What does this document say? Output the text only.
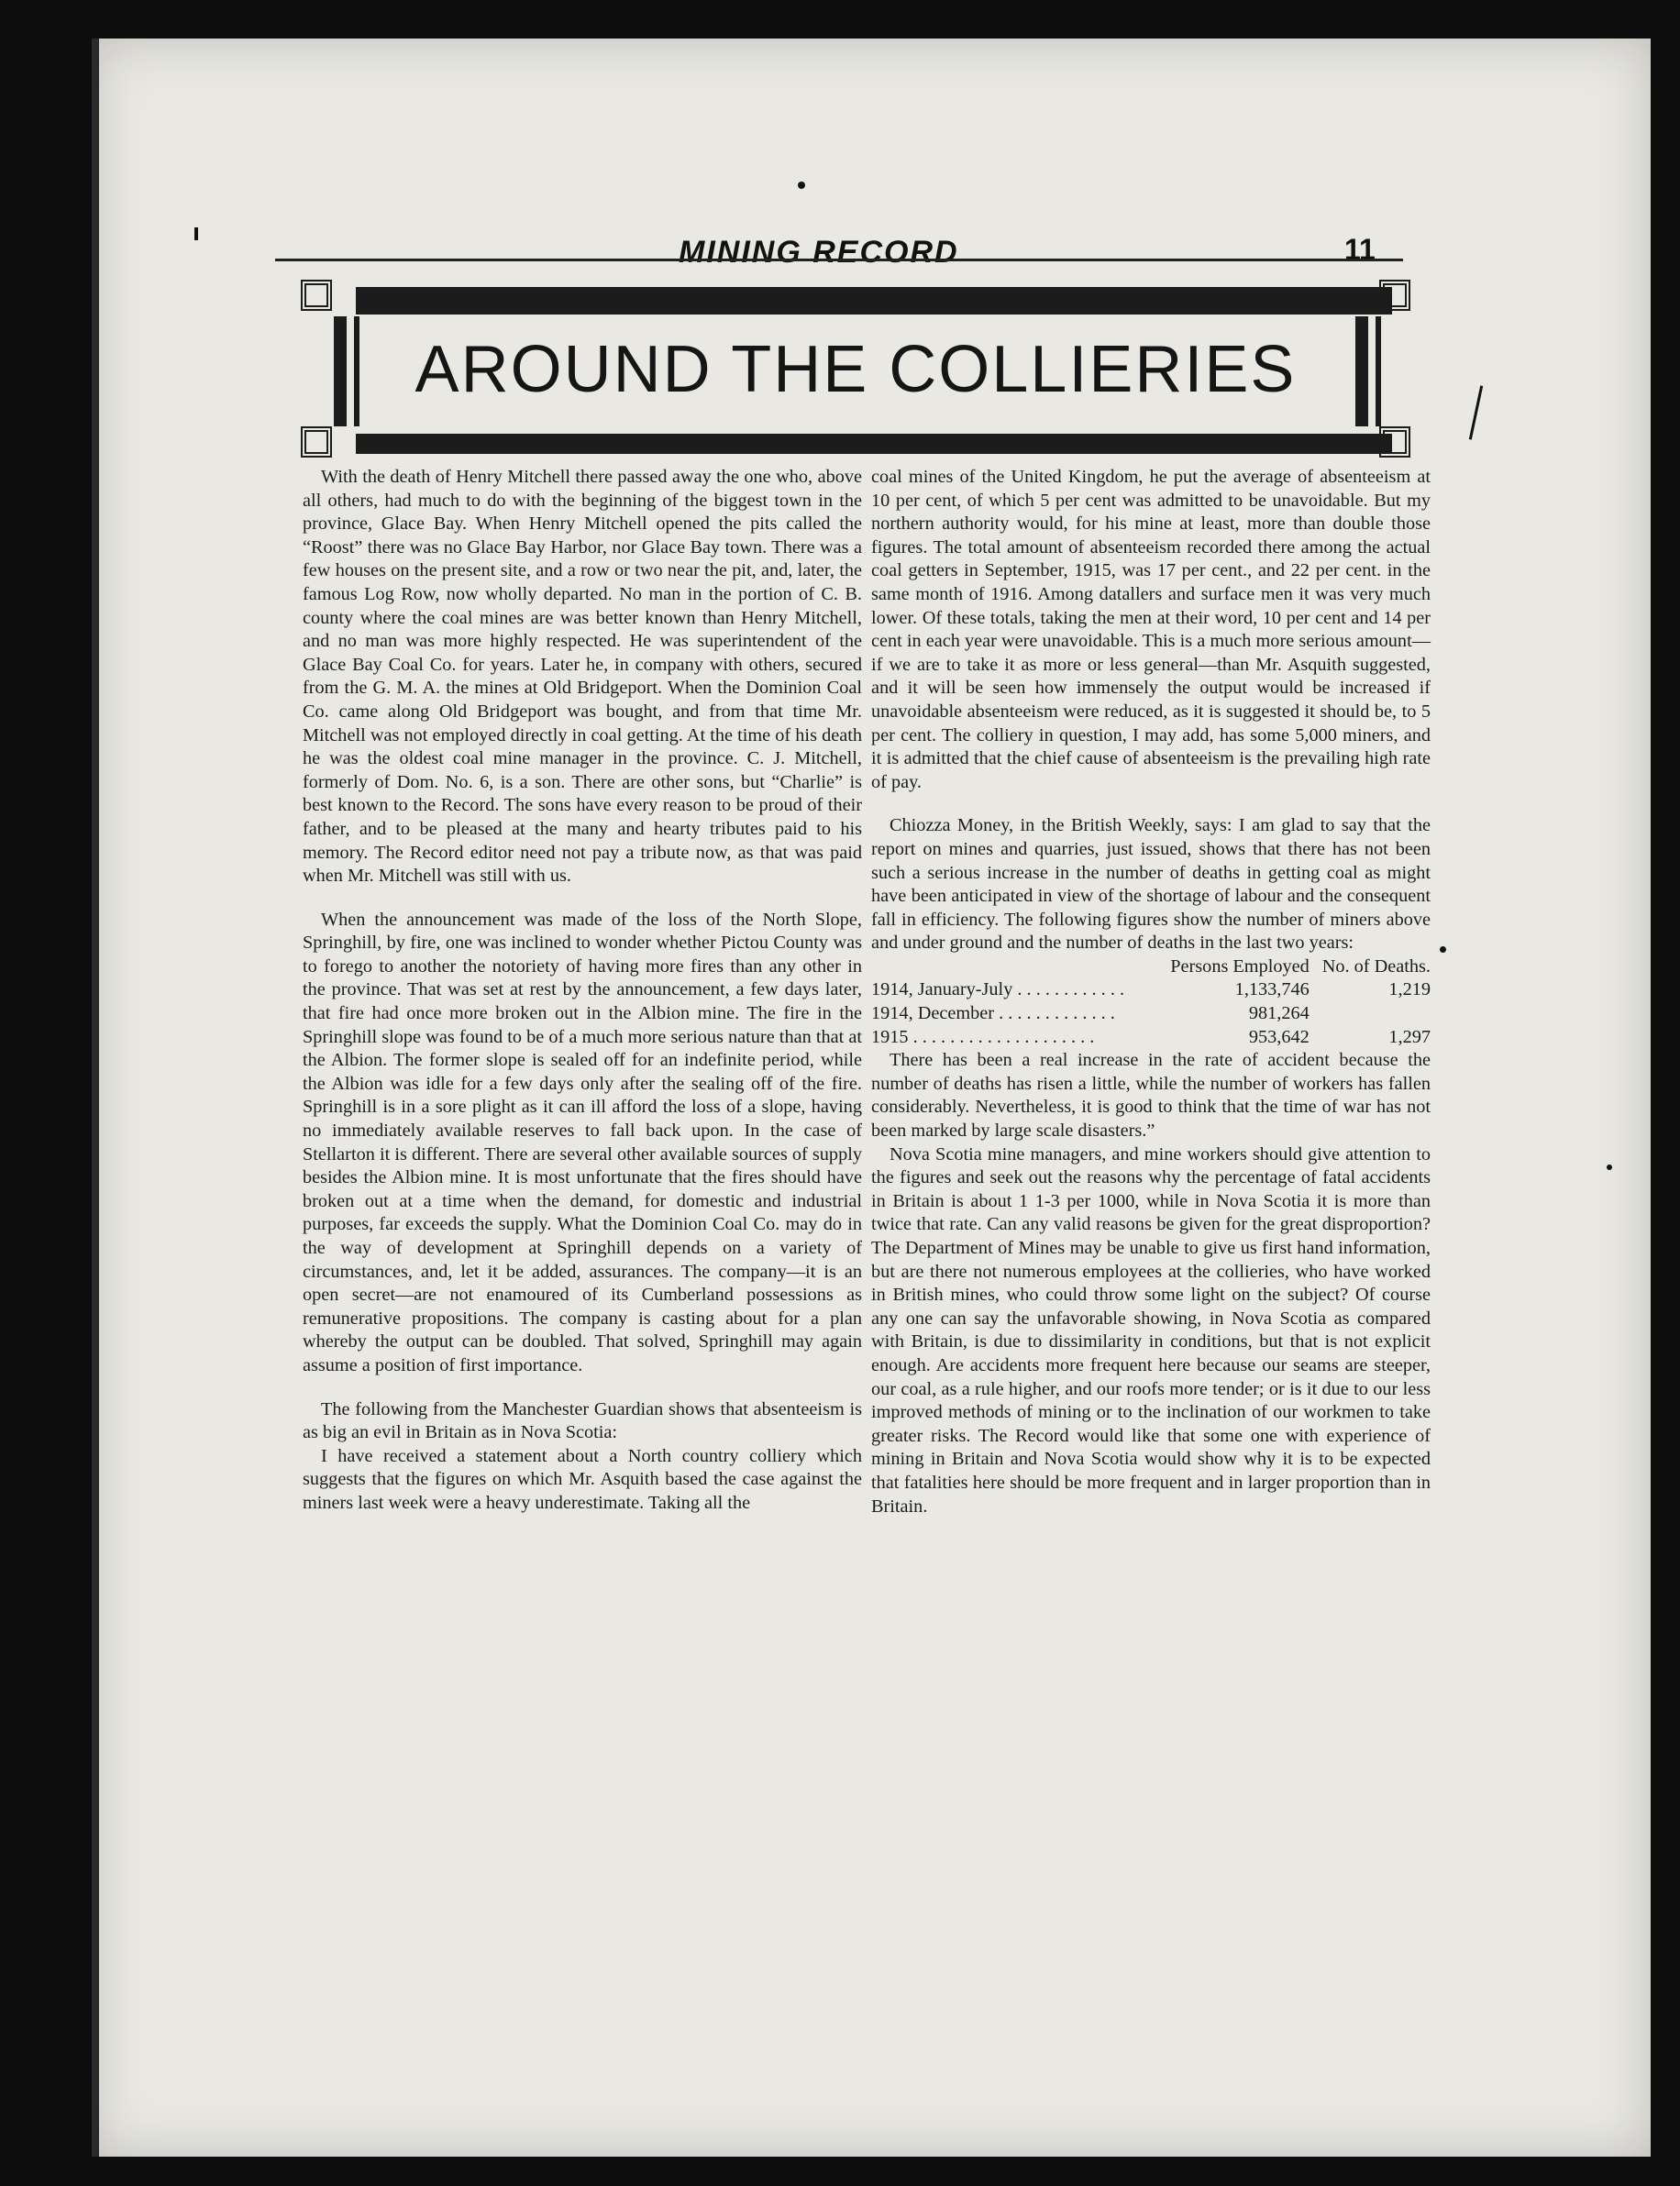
MINING RECORD	11
AROUND THE COLLIERIES

With the death of Henry Mitchell there passed away the one who, above all others, had much to do with the beginning of the biggest town in the province, Glace Bay. When Henry Mitchell opened the pits called the “Roost” there was no Glace Bay Harbor, nor Glace Bay town. There was a few houses on the present site, and a row or two near the pit, and, later, the famous Log Row, now wholly departed. No man in the portion of C. B. county where the coal mines are was better known than Henry Mitchell, and no man was more highly respected. He was superintendent of the Glace Bay Coal Co. for years. Later he, in company with others, secured from the G. M. A. the mines at Old Bridgeport. When the Dominion Coal Co. came along Old Bridgeport was bought, and from that time Mr. Mitchell was not employed directly in coal getting. At the time of his death he was the oldest coal mine manager in the province. C. J. Mitchell, formerly of Dom. No. 6, is a son. There are other sons, but “Charlie” is best known to the Record. The sons have every reason to be proud of their father, and to be pleased at the many and hearty tributes paid to his memory. The Record editor need not pay a tribute now, as that was paid when Mr. Mitchell was still with us.

When the announcement was made of the loss of the North Slope, Springhill, by fire, one was inclined to wonder whether Pictou County was to forego to another the notoriety of having more fires than any other in the province. That was set at rest by the announcement, a few days later, that fire had once more broken out in the Albion mine. The fire in the Springhill slope was found to be of a much more serious nature than that at the Albion. The former slope is sealed off for an indefinite period, while the Albion was idle for a few days only after the sealing off of the fire. Springhill is in a sore plight as it can ill afford the loss of a slope, having no immediately available reserves to fall back upon. In the case of Stellarton it is different. There are several other available sources of supply besides the Albion mine. It is most unfortunate that the fires should have broken out at a time when the demand, for domestic and industrial purposes, far exceeds the supply. What the Dominion Coal Co. may do in the way of development at Springhill depends on a variety of circumstances, and, let it be added, assurances. The company—it is an open secret—are not enamoured of its Cumberland possessions as remunerative propositions. The company is casting about for a plan whereby the output can be doubled. That solved, Springhill may again assume a position of first importance.

The following from the Manchester Guardian shows that absenteeism is as big an evil in Britain as in Nova Scotia:

I have received a statement about a North country colliery which suggests that the figures on which Mr. Asquith based the case against the miners last week were a heavy underestimate. Taking all the

coal mines of the United Kingdom, he put the average of absenteeism at 10 per cent, of which 5 per cent was admitted to be unavoidable. But my northern authority would, for his mine at least, more than double those figures. The total amount of absenteeism recorded there among the actual coal getters in September, 1915, was 17 per cent., and 22 per cent. in the same month of 1916. Among datallers and surface men it was very much lower. Of these totals, taking the men at their word, 10 per cent and 14 per cent in each year were unavoidable. This is a much more serious amount—if we are to take it as more or less general—than Mr. Asquith suggested, and it will be seen how immensely the output would be increased if unavoidable absenteeism were reduced, as it is suggested it should be, to 5 per cent. The colliery in question, I may add, has some 5,000 miners, and it is admitted that the chief cause of absenteeism is the prevailing high rate of pay.

Chiozza Money, in the British Weekly, says: I am glad to say that the report on mines and quarries, just issued, shows that there has not been such a serious increase in the number of deaths in getting coal as might have been anticipated in view of the shortage of labour and the consequent fall in efficiency. The following figures show the number of miners above and under ground and the number of deaths in the last two years:

	Persons Employed	No. of Deaths.
1914, January-July . . . . . . . . . . . .	1,133,746	1,219
1914, December . . . . . . . . . . . . .	981,264	
1915 . . . . . . . . . . . . . . . . . . . .	953,642	1,297

There has been a real increase in the rate of accident because the number of deaths has risen a little, while the number of workers has fallen considerably. Nevertheless, it is good to think that the time of war has not been marked by large scale disasters.”

Nova Scotia mine managers, and mine workers should give attention to the figures and seek out the reasons why the percentage of fatal accidents in Britain is about 1 1-3 per 1000, while in Nova Scotia it is more than twice that rate. Can any valid reasons be given for the great disproportion? The Department of Mines may be unable to give us first hand information, but are there not numerous employees at the collieries, who have worked in British mines, who could throw some light on the subject? Of course any one can say the unfavorable showing, in Nova Scotia as compared with Britain, is due to dissimilarity in conditions, but that is not explicit enough. Are accidents more frequent here because our seams are steeper, our coal, as a rule higher, and our roofs more tender; or is it due to our less improved methods of mining or to the inclination of our workmen to take greater risks. The Record would like that some one with experience of mining in Britain and Nova Scotia would show why it is to be expected that fatalities here should be more frequent and in larger proportion than in Britain.
